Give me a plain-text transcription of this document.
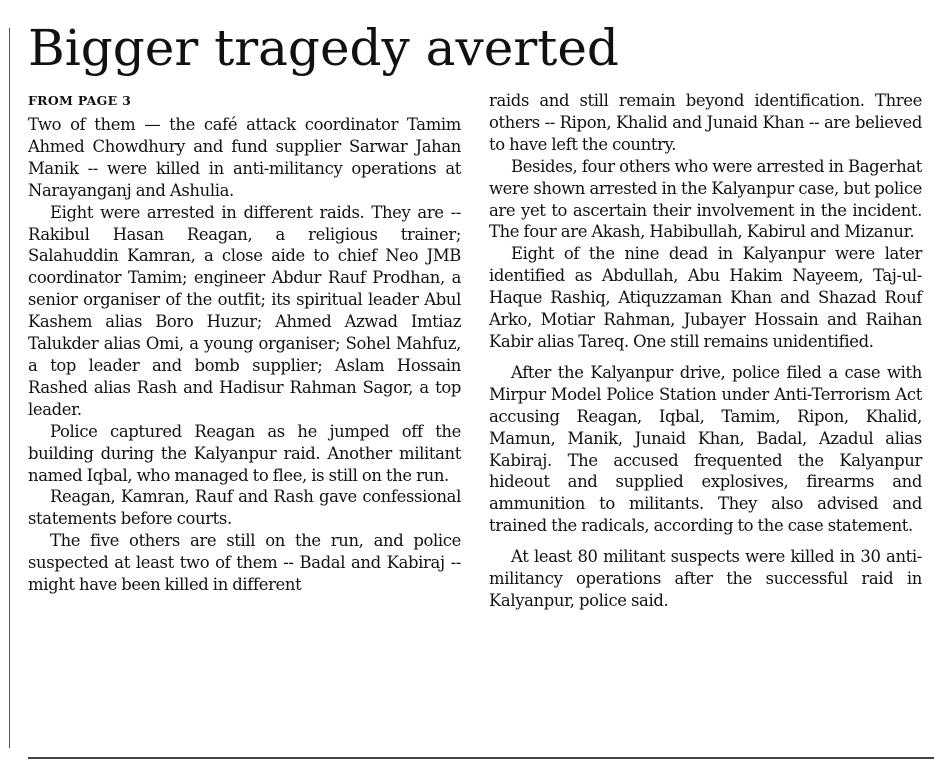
Bigger tragedy averted
FROM PAGE 3

Two of them — the café attack coordinator Tamim Ahmed Chowdhury and fund supplier Sarwar Jahan Manik -- were killed in anti-militancy operations at Narayanganj and Ashulia.

Eight were arrested in different raids. They are -- Rakibul Hasan Reagan, a religious trainer; Salahuddin Kamran, a close aide to chief Neo JMB coordinator Tamim; engineer Abdur Rauf Prodhan, a senior organiser of the outfit; its spiritual leader Abul Kashem alias Boro Huzur; Ahmed Azwad Imtiaz Talukder alias Omi, a young organiser; Sohel Mahfuz, a top leader and bomb supplier; Aslam Hossain Rashed alias Rash and Hadisur Rahman Sagor, a top leader.

Police captured Reagan as he jumped off the building during the Kalyanpur raid. Another militant named Iqbal, who managed to flee, is still on the run.

Reagan, Kamran, Rauf and Rash gave confessional statements before courts.

The five others are still on the run, and police suspected at least two of them -- Badal and Kabiraj -- might have been killed in different

raids and still remain beyond identification. Three others -- Ripon, Khalid and Junaid Khan -- are believed to have left the country.

Besides, four others who were arrested in Bagerhat were shown arrested in the Kalyanpur case, but police are yet to ascertain their involvement in the incident. The four are Akash, Habibullah, Kabirul and Mizanur.

Eight of the nine dead in Kalyanpur were later identified as Abdullah, Abu Hakim Nayeem, Taj-ul-Haque Rashiq, Atiquzzaman Khan and Shazad Rouf Arko, Motiar Rahman, Jubayer Hossain and Raihan Kabir alias Tareq. One still remains unidentified.

After the Kalyanpur drive, police filed a case with Mirpur Model Police Station under Anti-Terrorism Act accusing Reagan, Iqbal, Tamim, Ripon, Khalid, Mamun, Manik, Junaid Khan, Badal, Azadul alias Kabiraj. The accused frequented the Kalyanpur hideout and supplied explosives, firearms and ammunition to militants. They also advised and trained the radicals, according to the case statement.

At least 80 militant suspects were killed in 30 anti-militancy operations after the successful raid in Kalyanpur, police said.
